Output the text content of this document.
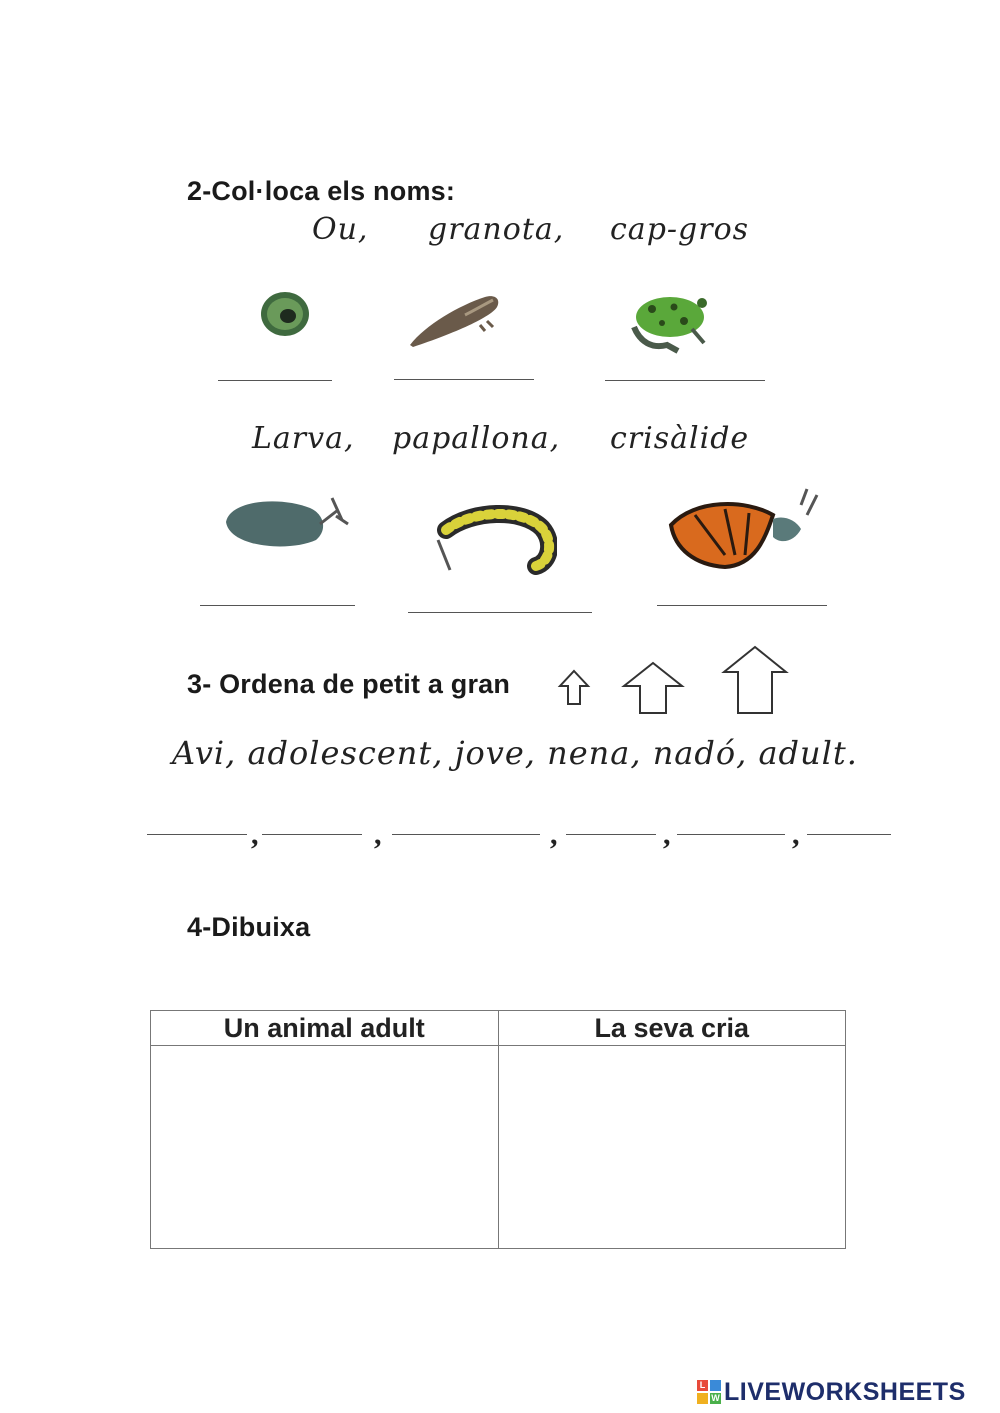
2-Col·loca els noms:
Ou, granota, cap-gros
Larva, papallona, crisàlide
3- Ordena de petit a gran
Avi, adolescent, jove, nena, nadó, adult.
,	,	,	,	,
4-Dibuixa
Un animal adult	La seva cria

L
W LIVEWORKSHEETS
